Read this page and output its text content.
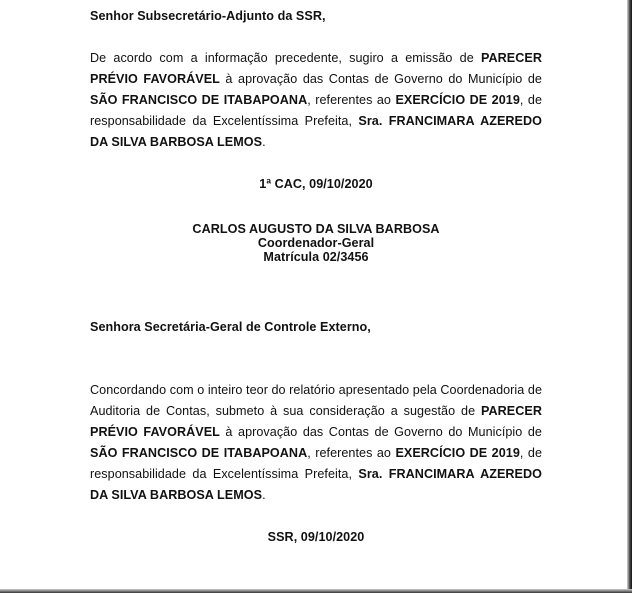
Senhor Subsecretário-Adjunto da SSR,

De acordo com a informação precedente, sugiro a emissão de PARECER PRÉVIO FAVORÁVEL à aprovação das Contas de Governo do Município de SÃO FRANCISCO DE ITABAPOANA, referentes ao EXERCÍCIO DE 2019, de responsabilidade da Excelentíssima Prefeita, Sra. FRANCIMARA AZEREDO DA SILVA BARBOSA LEMOS.

1ª CAC, 09/10/2020

CARLOS AUGUSTO DA SILVA BARBOSA
Coordenador-Geral
Matrícula 02/3456

Senhora Secretária-Geral de Controle Externo,

Concordando com o inteiro teor do relatório apresentado pela Coordenadoria de Auditoria de Contas, submeto à sua consideração a sugestão de PARECER PRÉVIO FAVORÁVEL à aprovação das Contas de Governo do Município de SÃO FRANCISCO DE ITABAPOANA, referentes ao EXERCÍCIO DE 2019, de responsabilidade da Excelentíssima Prefeita, Sra. FRANCIMARA AZEREDO DA SILVA BARBOSA LEMOS.

SSR, 09/10/2020
